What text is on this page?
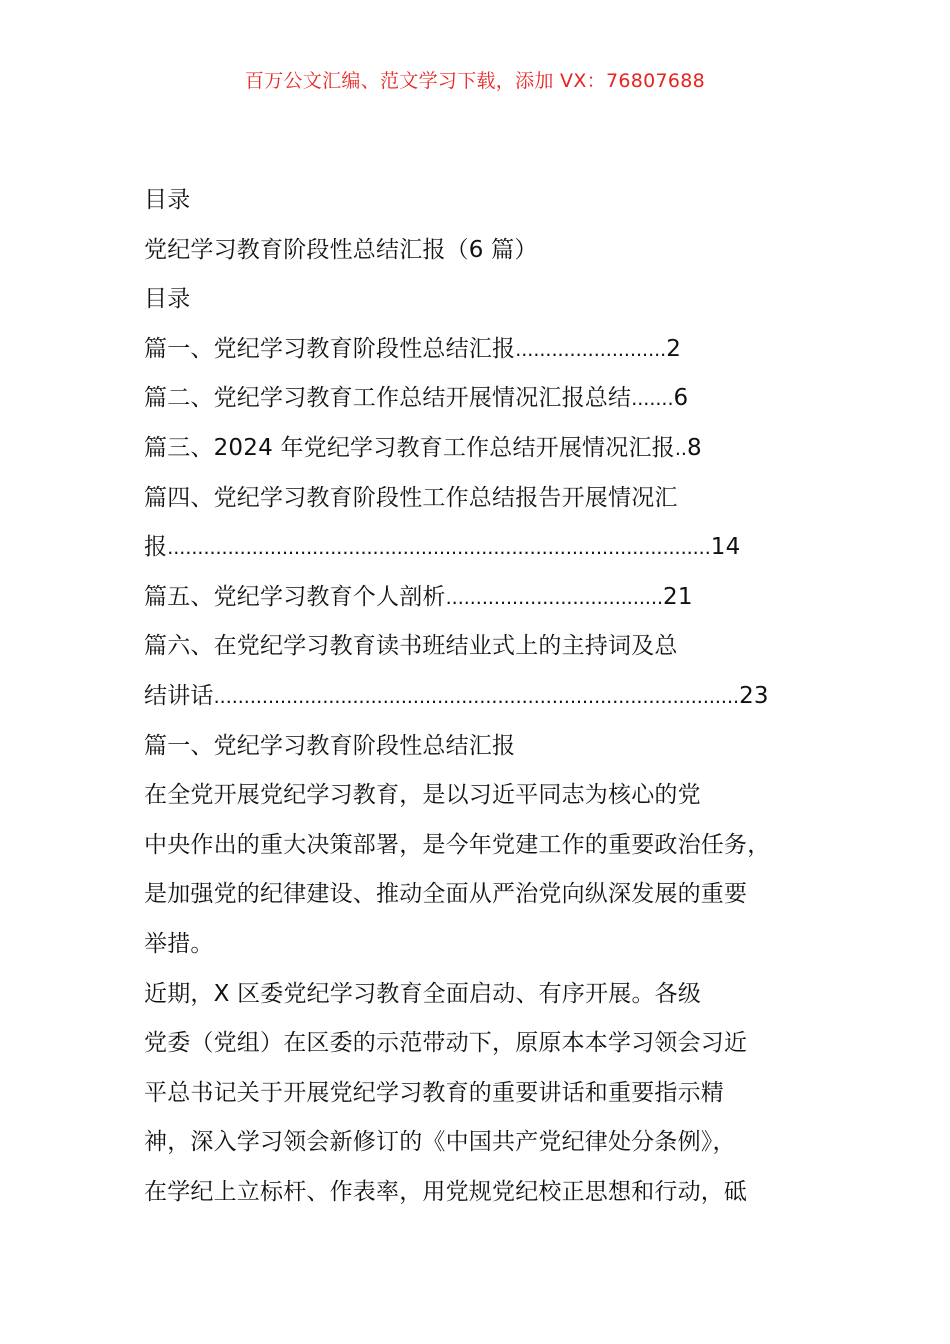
百万公文汇编、范文学习下载，添加 VX：76807688
目录
党纪学习教育阶段性总结汇报（6 篇）
目录
篇一、党纪学习教育阶段性总结汇报 ......................... 2
篇二、党纪学习教育工作总结开展情况汇报总结 ....... 6
篇三、2024 年党纪学习教育工作总结开展情况汇报 .. 8
篇四、党纪学习教育阶段性工作总结报告开展情况汇
报 .......................................................................................... 14
篇五、党纪学习教育个人剖析 .................................... 21
篇六、在党纪学习教育读书班结业式上的主持词及总
结讲话 ....................................................................................... 23
篇一、党纪学习教育阶段性总结汇报
在全党开展党纪学习教育，是以习近平同志为核心的党
中央作出的重大决策部署，是今年党建工作的重要政治任务，
是加强党的纪律建设、推动全面从严治党向纵深发展的重要
举措。
近期，X 区委党纪学习教育全面启动、有序开展。各级
党委（党组）在区委的示范带动下，原原本本学习领会习近
平总书记关于开展党纪学习教育的重要讲话和重要指示精
神，深入学习领会新修订的《中国共产党纪律处分条例》，
在学纪上立标杆、作表率，用党规党纪校正思想和行动，砥
